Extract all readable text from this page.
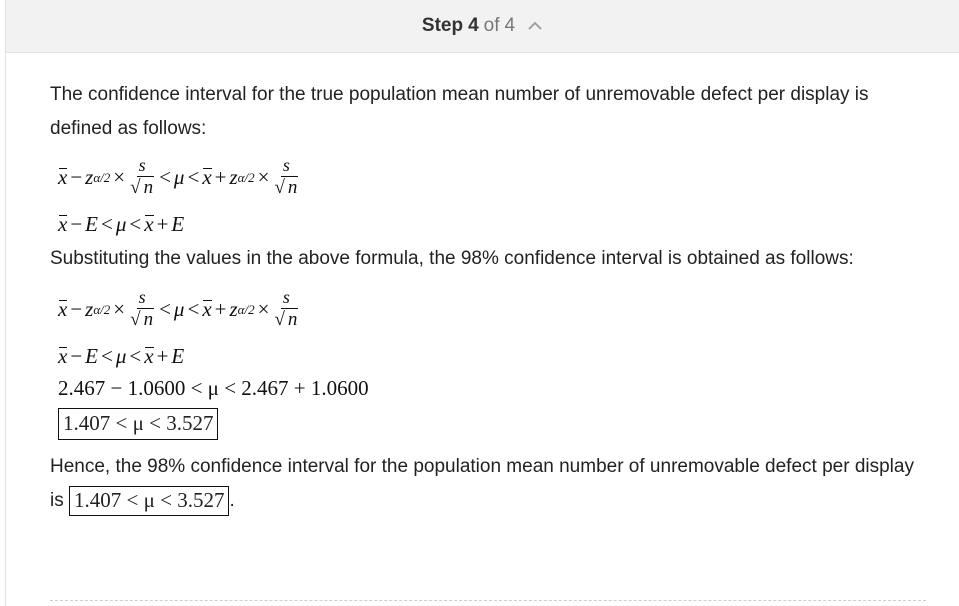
Step 4 of 4

The confidence interval for the true population mean number of unremovable defect per display is defined as follows:

x − z $\alpha/2 \times \frac{s}{√ n} < \mu < x + z$ $\alpha/2 \times \frac{s}{√ n}$
x − E < μ < x + E

Substituting the values in the above formula, the 98% confidence interval is obtained as follows:

x − z $\alpha/2 \times \frac{s}{√ n} < \mu < x + z$ $\alpha/2 \times \frac{s}{√ n}$
x − E < μ < x + E
2.467 − 1.0600 < μ < 2.467 + 1.0600
1.407 < μ < 3.527

Hence, the 98% confidence interval for the population mean number of unremovable defect per display is 1.407 < μ < 3.527 .
